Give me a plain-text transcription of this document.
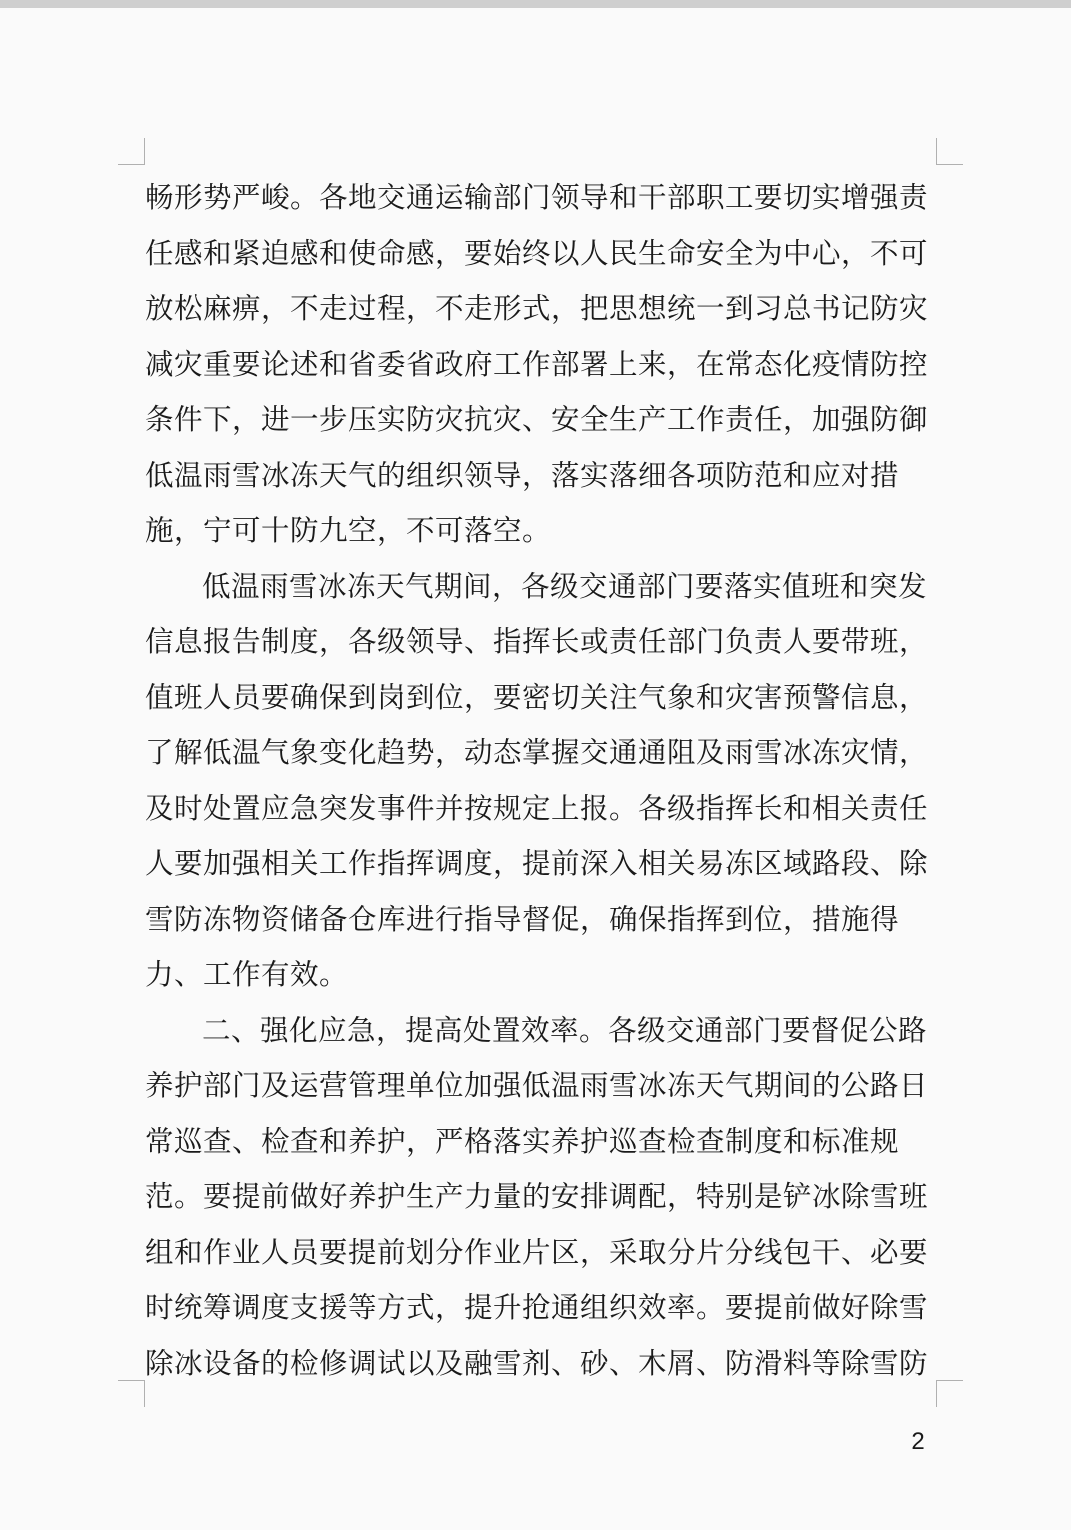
畅形势严峻。各地交通运输部门领导和干部职工要切实增强责
任感和紧迫感和使命感，要始终以人民生命安全为中心，不可
放松麻痹，不走过程，不走形式，把思想统一到习总书记防灾
减灾重要论述和省委省政府工作部署上来，在常态化疫情防控
条件下，进一步压实防灾抗灾、安全生产工作责任，加强防御
低温雨雪冰冻天气的组织领导，落实落细各项防范和应对措
施，宁可十防九空，不可落空。
低温雨雪冰冻天气期间，各级交通部门要落实值班和突发
信息报告制度，各级领导、指挥长或责任部门负责人要带班，
值班人员要确保到岗到位，要密切关注气象和灾害预警信息，
了解低温气象变化趋势，动态掌握交通通阻及雨雪冰冻灾情，
及时处置应急突发事件并按规定上报。各级指挥长和相关责任
人要加强相关工作指挥调度，提前深入相关易冻区域路段、除
雪防冻物资储备仓库进行指导督促，确保指挥到位，措施得
力、工作有效。
二、强化应急，提高处置效率。各级交通部门要督促公路
养护部门及运营管理单位加强低温雨雪冰冻天气期间的公路日
常巡查、检查和养护，严格落实养护巡查检查制度和标准规
范。要提前做好养护生产力量的安排调配，特别是铲冰除雪班
组和作业人员要提前划分作业片区，采取分片分线包干、必要
时统筹调度支援等方式，提升抢通组织效率。要提前做好除雪
除冰设备的检修调试以及融雪剂、砂、木屑、防滑料等除雪防
2
